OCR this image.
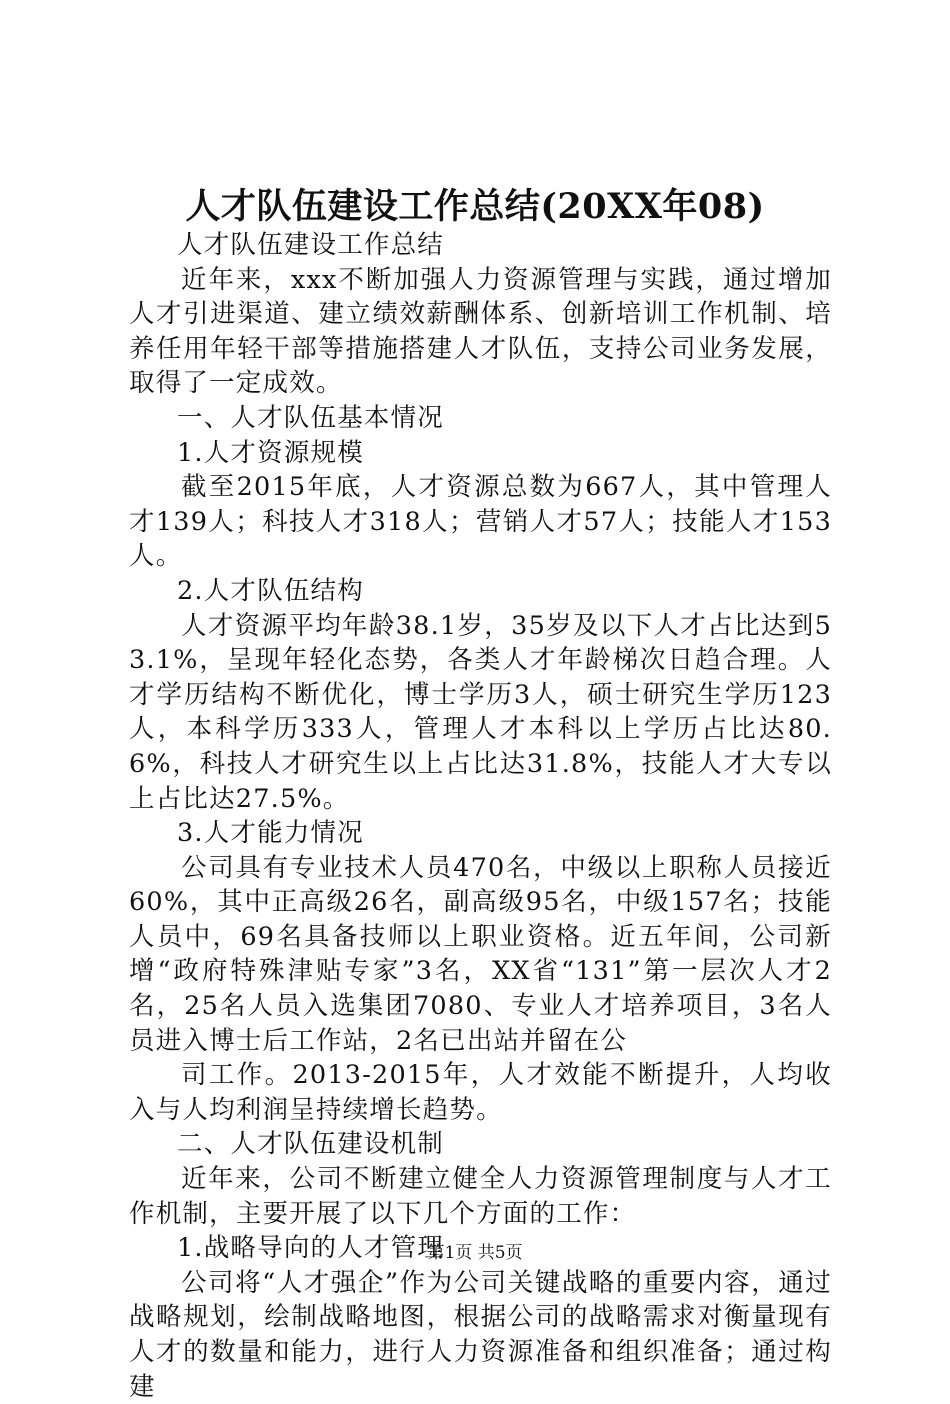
人才队伍建设工作总结(20XX年08)

人才队伍建设工作总结

近年来，xxx不断加强人力资源管理与实践，通过增加人才引进渠道、建立绩效薪酬体系、创新培训工作机制、培养任用年轻干部等措施搭建人才队伍，支持公司业务发展，取得了一定成效。

一、人才队伍基本情况

1.人才资源规模

截至2015年底，人才资源总数为667人，其中管理人才139人；科技人才318人；营销人才57人；技能人才153人。

2.人才队伍结构

人才资源平均年龄38.1岁，35岁及以下人才占比达到53.1%，呈现年轻化态势，各类人才年龄梯次日趋合理。人才学历结构不断优化，博士学历3人，硕士研究生学历123人，本科学历333人，管理人才本科以上学历占比达80.6%，科技人才研究生以上占比达31.8%，技能人才大专以上占比达27.5%。

3.人才能力情况

公司具有专业技术人员470名，中级以上职称人员接近60%，其中正高级26名，副高级95名，中级157名；技能人员中，69名具备技师以上职业资格。近五年间，公司新增“政府特殊津贴专家”3名，XX省“131”第一层次人才2名，25名人员入选集团7080、专业人才培养项目，3名人员进入博士后工作站，2名已出站并留在公

司工作。2013-2015年，人才效能不断提升，人均收入与人均利润呈持续增长趋势。

二、人才队伍建设机制

近年来，公司不断建立健全人力资源管理制度与人才工作机制，主要开展了以下几个方面的工作：

1.战略导向的人才管理

公司将“人才强企”作为公司关键战略的重要内容，通过战略规划，绘制战略地图，根据公司的战略需求对衡量现有人才的数量和能力，进行人力资源准备和组织准备；通过构建

第1页 共5页
